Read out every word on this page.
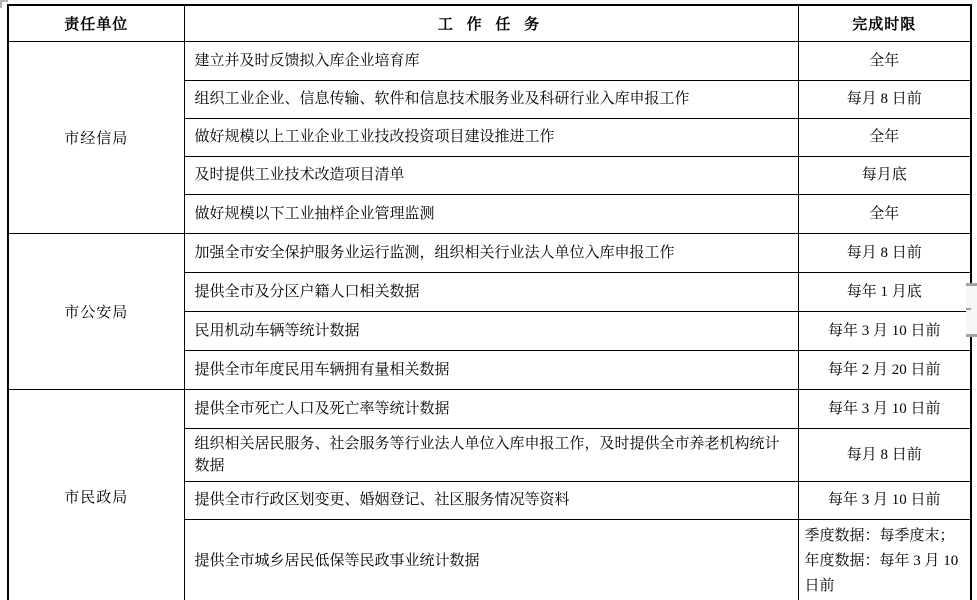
责任单位	工 作 任 务	完成时限
市经信局	建立并及时反馈拟入库企业培育库	全年
	组织工业企业、信息传输、软件和信息技术服务业及科研行业入库申报工作	每月 8 日前
	做好规模以上工业企业工业技改投资项目建设推进工作	全年
	及时提供工业技术改造项目清单	每月底
	做好规模以下工业抽样企业管理监测	全年
市公安局	加强全市安全保护服务业运行监测，组织相关行业法人单位入库申报工作	每月 8 日前
	提供全市及分区户籍人口相关数据	每年 1 月底
	民用机动车辆等统计数据	每年 3 月 10 日前
	提供全市年度民用车辆拥有量相关数据	每年 2 月 20 日前
市民政局	提供全市死亡人口及死亡率等统计数据	每年 3 月 10 日前
	组织相关居民服务、社会服务等行业法人单位入库申报工作，及时提供全市养老机构统计数据	每月 8 日前
	提供全市行政区划变更、婚姻登记、社区服务情况等资料	每年 3 月 10 日前
	提供全市城乡居民低保等民政事业统计数据	季度数据：每季度末；年度数据：每年 3 月 10 日前
